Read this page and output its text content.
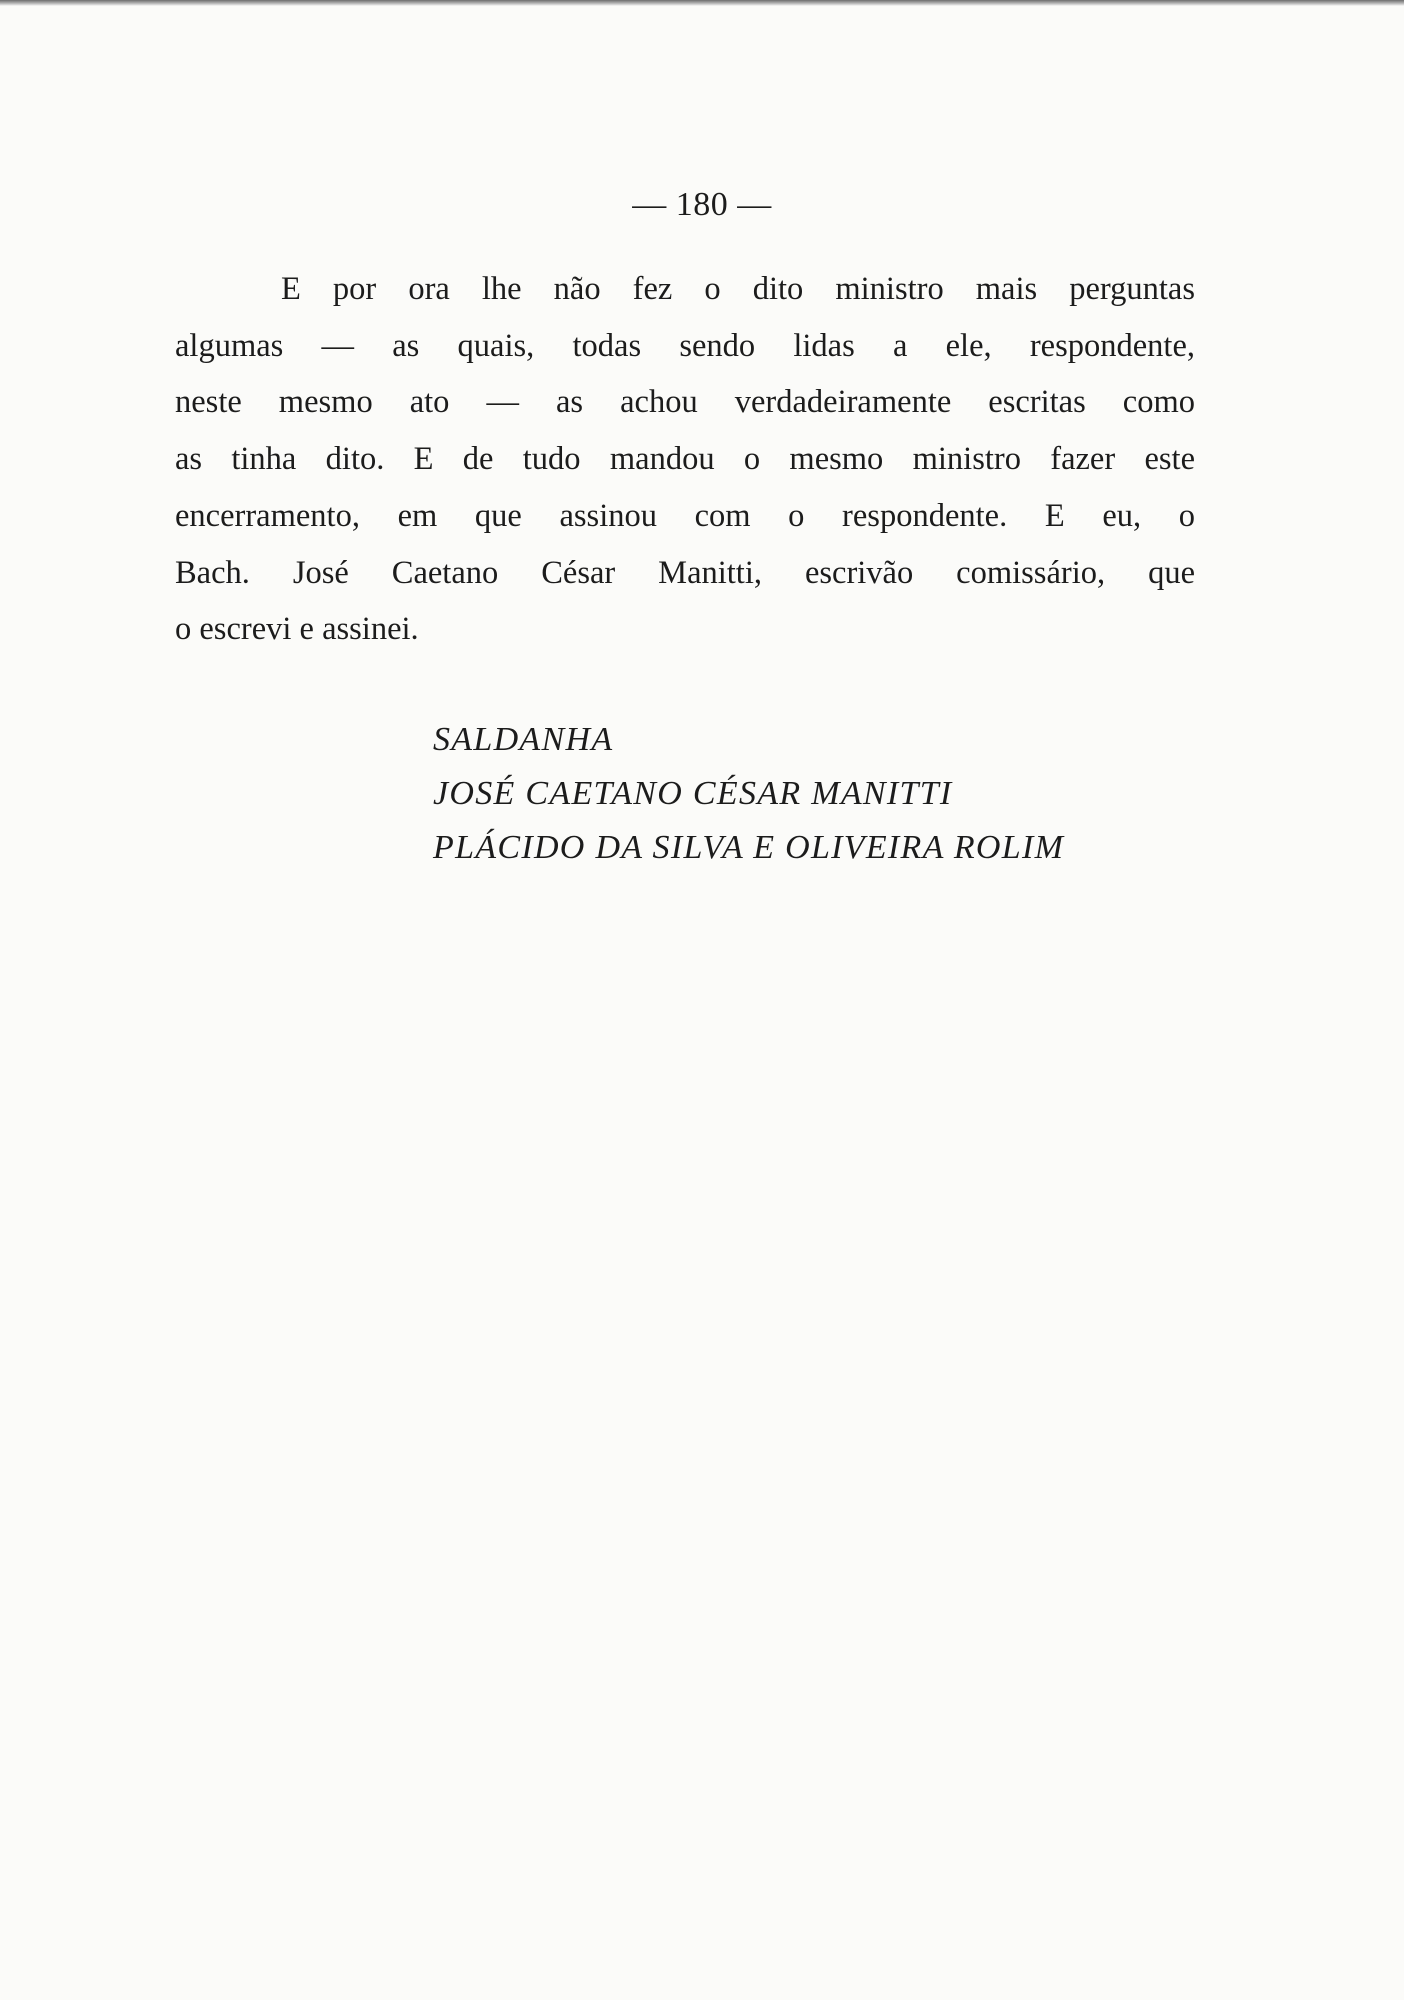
— 180 —

E por ora lhe não fez o dito ministro mais perguntas
algumas — as quais, todas sendo lidas a ele, respondente,
neste mesmo ato — as achou verdadeiramente escritas como
as tinha dito. E de tudo mandou o mesmo ministro fazer este
encerramento, em que assinou com o respondente. E eu, o
Bach. José Caetano César Manitti, escrivão comissário, que
o escrevi e assinei.

SALDANHA
JOSÉ CAETANO CÉSAR MANITTI
PLÁCIDO DA SILVA E OLIVEIRA ROLIM
